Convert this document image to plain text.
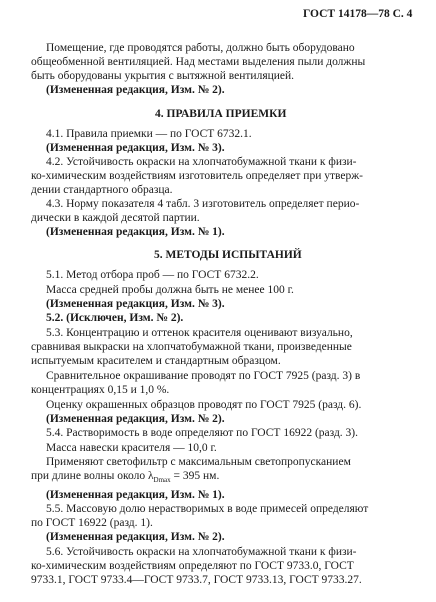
ГОСТ 14178—78 С. 4
Помещение, где проводятся работы, должно быть оборудовано
общеобменной вентиляцией. Над местами выделения пыли должны
быть оборудованы укрытия с вытяжной вентиляцией.
(Измененная редакция, Изм. № 2).
4. ПРАВИЛА ПРИЕМКИ
4.1. Правила приемки — по ГОСТ 6732.1.
(Измененная редакция, Изм. № 3).
4.2. Устойчивость окраски на хлопчатобумажной ткани к физи-
ко-химическим воздействиям изготовитель определяет при утверж-
дении стандартного образца.
4.3. Норму показателя 4 табл. 3 изготовитель определяет перио-
дически в каждой десятой партии.
(Измененная редакция, Изм. № 1).
5. МЕТОДЫ ИСПЫТАНИЙ
5.1. Метод отбора проб — по ГОСТ 6732.2.
Масса средней пробы должна быть не менее 100 г.
(Измененная редакция, Изм. № 3).
5.2. (Исключен, Изм. № 2).
5.3. Концентрацию и оттенок красителя оценивают визуально,
сравнивая выкраски на хлопчатобумажной ткани, произведенные
испытуемым красителем и стандартным образцом.
Сравнительное окрашивание проводят по ГОСТ 7925 (разд. 3) в
концентрациях 0,15 и 1,0 %.
Оценку окрашенных образцов проводят по ГОСТ 7925 (разд. 6).
(Измененная редакция, Изм. № 2).
5.4. Растворимость в воде определяют по ГОСТ 16922 (разд. 3).
Масса навески красителя — 10,0 г.
Применяют светофильтр с максимальным светопропусканием
при длине волны около $\lambda_{Dmax} = 395$ нм.
(Измененная редакция, Изм. № 1).
5.5. Массовую долю нерастворимых в воде примесей определяют
по ГОСТ 16922 (разд. 1).
(Измененная редакция, Изм. № 2).
5.6. Устойчивость окраски на хлопчатобумажной ткани к физи-
ко-химическим воздействиям определяют по ГОСТ 9733.0, ГОСТ
9733.1, ГОСТ 9733.4—ГОСТ 9733.7, ГОСТ 9733.13, ГОСТ 9733.27.
